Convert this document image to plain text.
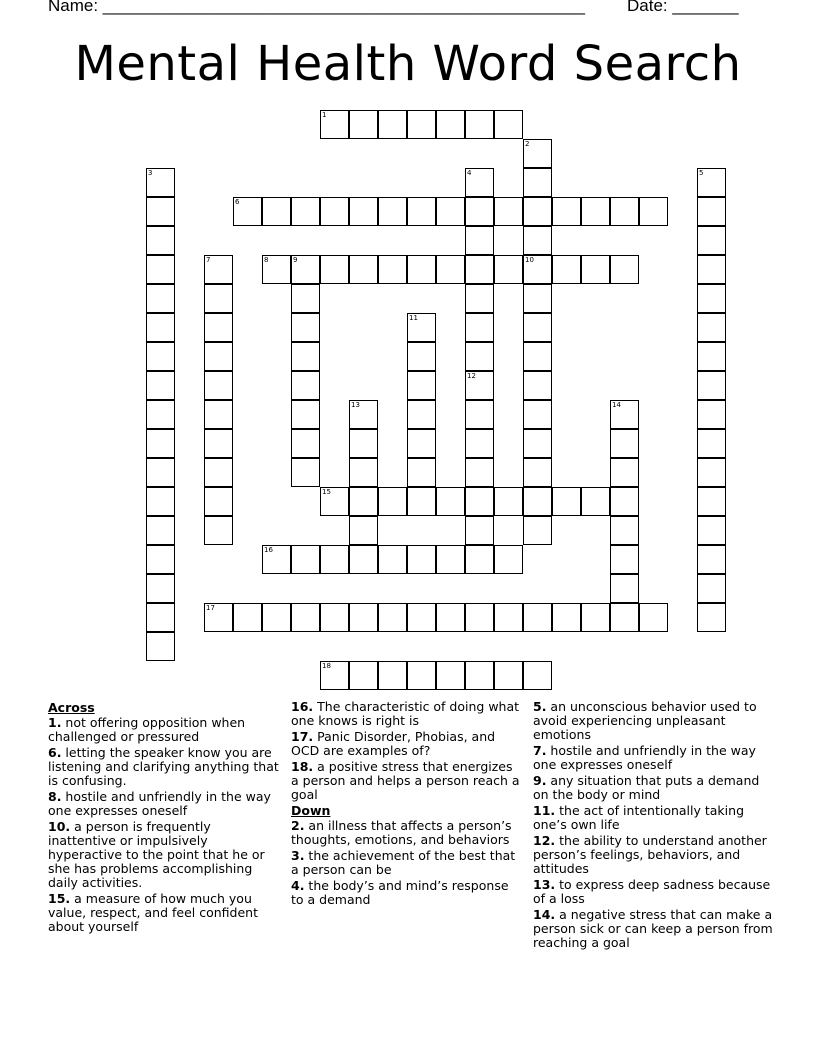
Name: ___________________________________________________ Date: _______
Mental Health Word Search
1
2
3	4	5
6
7	8	9	10
11
12
13	14
15
16
17
18
Across
1. not offering opposition when challenged or pressured
6. letting the speaker know you are listening and clarifying anything that is confusing.
8. hostile and unfriendly in the way one expresses oneself
10. a person is frequently inattentive or impulsively hyperactive to the point that he or she has problems accomplishing daily activities.
15. a measure of how much you value, respect, and feel confident about yourself
16. The characteristic of doing what one knows is right is
17. Panic Disorder, Phobias, and OCD are examples of?
18. a positive stress that energizes a person and helps a person reach a goal
Down
2. an illness that affects a person’s thoughts, emotions, and behaviors
3. the achievement of the best that a person can be
4. the body’s and mind’s response to a demand
5. an unconscious behavior used to avoid experiencing unpleasant emotions
7. hostile and unfriendly in the way one expresses oneself
9. any situation that puts a demand on the body or mind
11. the act of intentionally taking one’s own life
12. the ability to understand another person’s feelings, behaviors, and attitudes
13. to express deep sadness because of a loss
14. a negative stress that can make a person sick or can keep a person from reaching a goal
